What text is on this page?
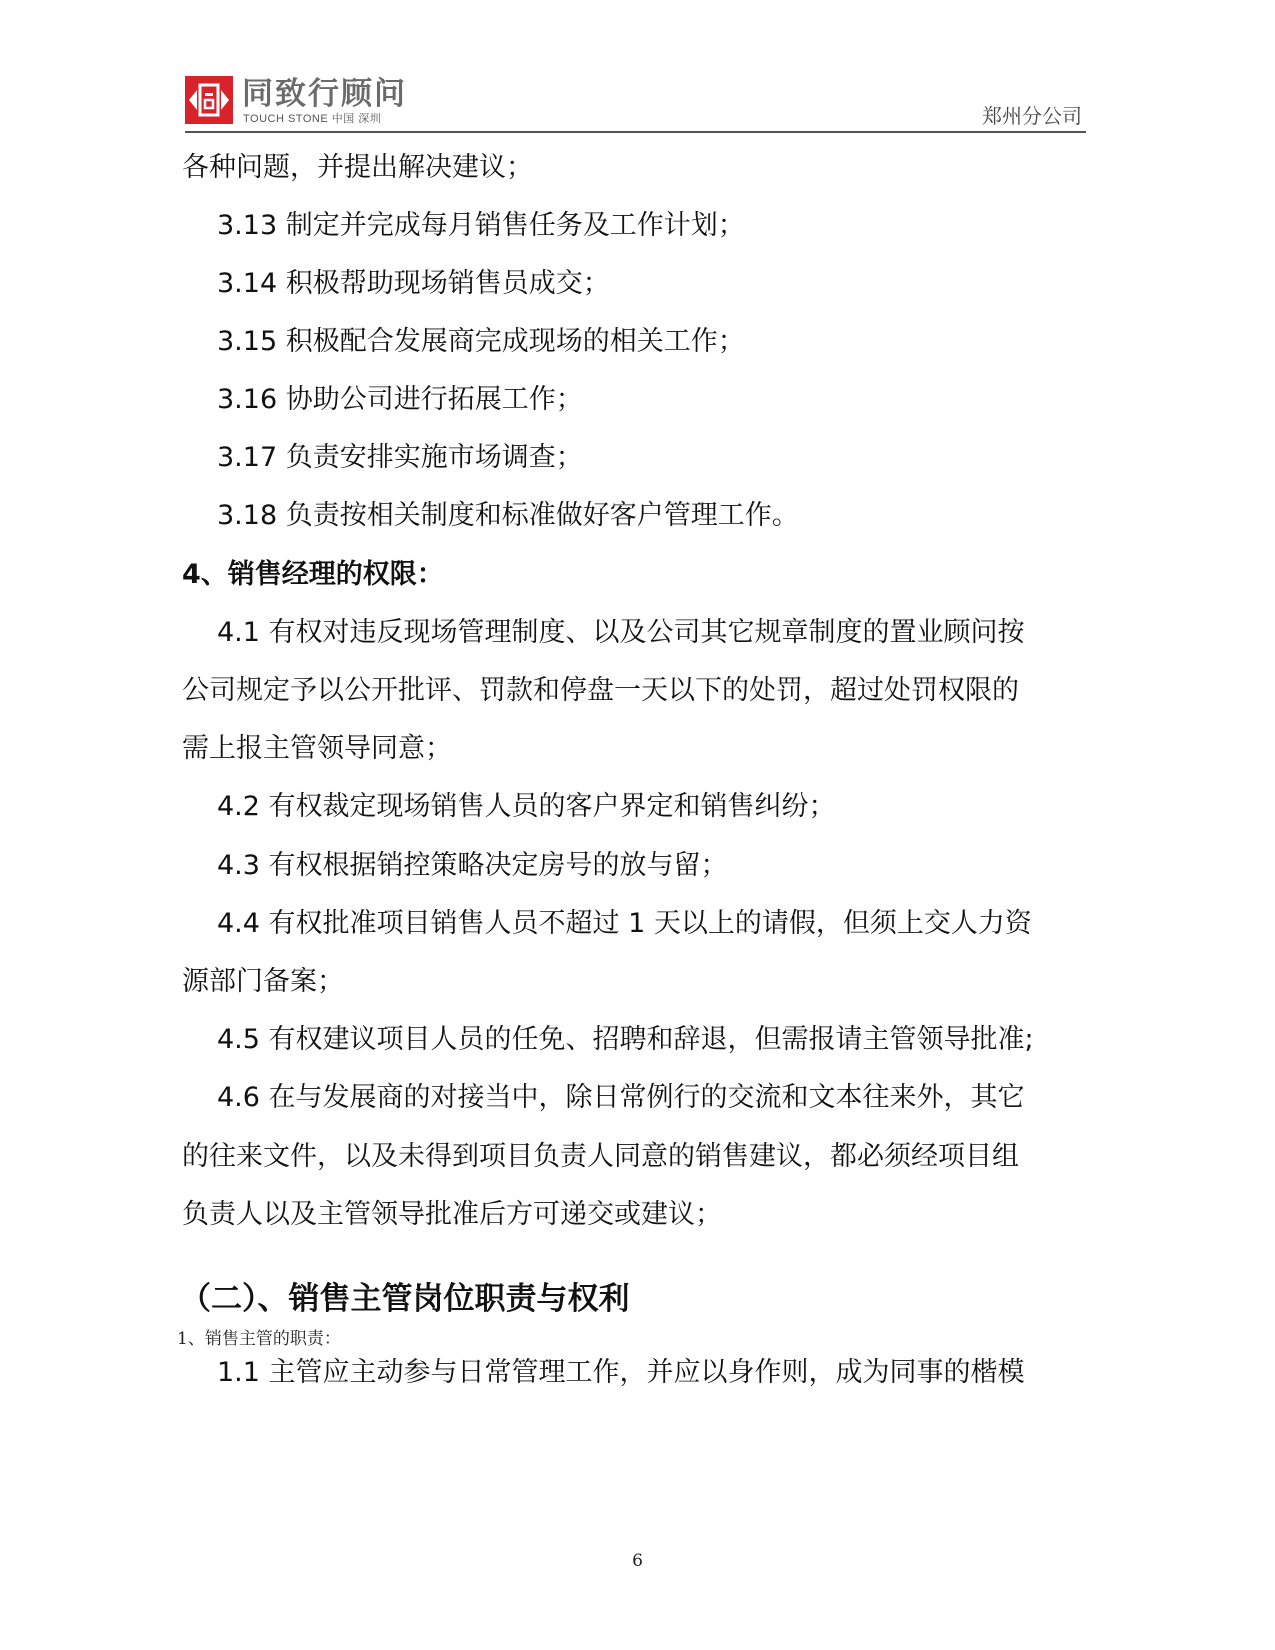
同致行顾问
TOUCH STONE 中国 深圳	郑州分公司
各种问题，并提出解决建议；
3.13 制定并完成每月销售任务及工作计划；
3.14 积极帮助现场销售员成交；
3.15 积极配合发展商完成现场的相关工作；
3.16 协助公司进行拓展工作；
3.17 负责安排实施市场调查；
3.18 负责按相关制度和标准做好客户管理工作。
4、销售经理的权限：
4.1 有权对违反现场管理制度、以及公司其它规章制度的置业顾问按
公司规定予以公开批评、罚款和停盘一天以下的处罚，超过处罚权限的
需上报主管领导同意；
4.2 有权裁定现场销售人员的客户界定和销售纠纷；
4.3 有权根据销控策略决定房号的放与留；
4.4 有权批准项目销售人员不超过 1 天以上的请假，但须上交人力资
源部门备案；
4.5 有权建议项目人员的任免、招聘和辞退，但需报请主管领导批准;
4.6 在与发展商的对接当中，除日常例行的交流和文本往来外，其它
的往来文件，以及未得到项目负责人同意的销售建议，都必须经项目组
负责人以及主管领导批准后方可递交或建议；
（二）、销售主管岗位职责与权利
1、销售主管的职责：
1.1 主管应主动参与日常管理工作，并应以身作则，成为同事的楷模
6
